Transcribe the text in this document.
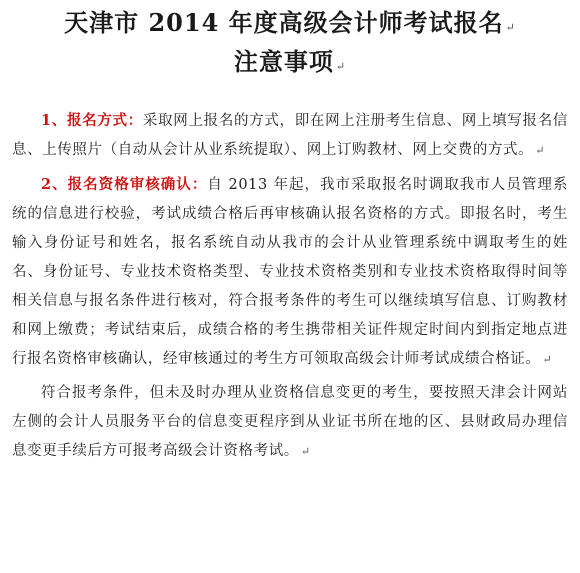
天津市 2014 年度高级会计师考试报名 ↵
注意事项 ↵

1、报名方式：采取网上报名的方式，即在网上注册考生信息、网上填写报名信息、上传照片（自动从会计从业系统提取）、网上订购教材、网上交费的方式。 ↵

2、报名资格审核确认：自 2013 年起，我市采取报名时调取我市人员管理系统的信息进行校验，考试成绩合格后再审核确认报名资格的方式。即报名时，考生输入身份证号和姓名，报名系统自动从我市的会计从业管理系统中调取考生的姓名、身份证号、专业技术资格类型、专业技术资格类别和专业技术资格取得时间等相关信息与报名条件进行核对，符合报考条件的考生可以继续填写信息、订购教材和网上缴费；考试结束后，成绩合格的考生携带相关证件规定时间内到指定地点进行报名资格审核确认，经审核通过的考生方可领取高级会计师考试成绩合格证。 ↵

符合报考条件，但未及时办理从业资格信息变更的考生，要按照天津会计网站左侧的会计人员服务平台的信息变更程序到从业证书所在地的区、县财政局办理信息变更手续后方可报考高级会计资格考试。 ↵
